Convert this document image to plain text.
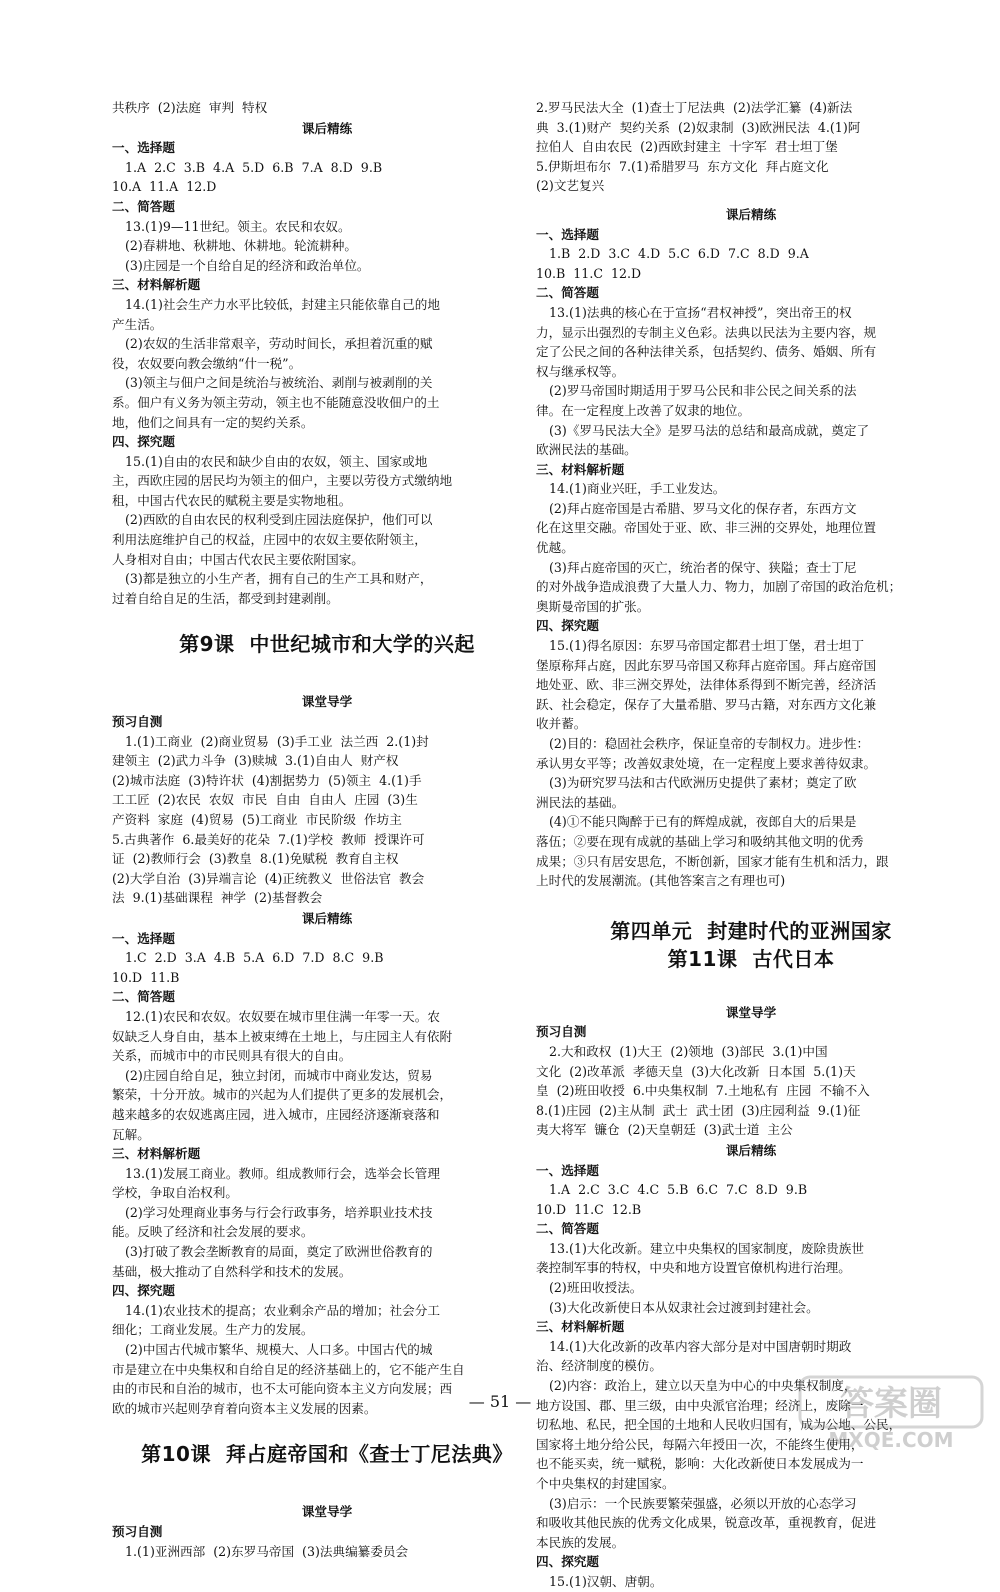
共秩序  (2)法庭  审判  特权
课后精练
一、选择题
1.A  2.C  3.B  4.A  5.D  6.B  7.A  8.D  9.B
10.A  11.A  12.D
二、简答题
13.(1)9—11世纪。领主。农民和农奴。
(2)春耕地、秋耕地、休耕地。轮流耕种。
(3)庄园是一个自给自足的经济和政治单位。
三、材料解析题
14.(1)社会生产力水平比较低，封建主只能依靠自己的地
产生活。
(2)农奴的生活非常艰辛，劳动时间长，承担着沉重的赋
役，农奴要向教会缴纳“什一税”。
(3)领主与佃户之间是统治与被统治、剥削与被剥削的关
系。佃户有义务为领主劳动，领主也不能随意没收佃户的土
地，他们之间具有一定的契约关系。
四、探究题
15.(1)自由的农民和缺少自由的农奴，领主、国家或地
主，西欧庄园的居民均为领主的佃户，主要以劳役方式缴纳地
租，中国古代农民的赋税主要是实物地租。
(2)西欧的自由农民的权利受到庄园法庭保护，他们可以
利用法庭维护自己的权益，庄园中的农奴主要依附领主，
人身相对自由；中国古代农民主要依附国家。
(3)都是独立的小生产者，拥有自己的生产工具和财产，
过着自给自足的生活，都受到封建剥削。
第9课  中世纪城市和大学的兴起
课堂导学
预习自测
1.(1)工商业  (2)商业贸易  (3)手工业  法兰西  2.(1)封
建领主  (2)武力斗争  (3)赎城  3.(1)自由人  财产权
(2)城市法庭  (3)特许状  (4)割据势力  (5)领主  4.(1)手
工工匠  (2)农民  农奴  市民  自由  自由人  庄园  (3)生
产资料  家庭  (4)贸易  (5)工商业  市民阶级  作坊主
5.古典著作  6.最美好的花朵  7.(1)学校  教师  授课许可
证  (2)教师行会  (3)教皇  8.(1)免赋税  教育自主权
(2)大学自治  (3)异端言论  (4)正统教义  世俗法官  教会
法  9.(1)基础课程  神学  (2)基督教会
课后精练
一、选择题
1.C  2.D  3.A  4.B  5.A  6.D  7.D  8.C  9.B
10.D  11.B
二、简答题
12.(1)农民和农奴。农奴要在城市里住满一年零一天。农
奴缺乏人身自由，基本上被束缚在土地上，与庄园主人有依附
关系，而城市中的市民则具有很大的自由。
(2)庄园自给自足，独立封闭，而城市中商业发达，贸易
繁荣，十分开放。城市的兴起为人们提供了更多的发展机会，
越来越多的农奴逃离庄园，进入城市，庄园经济逐渐衰落和
瓦解。
三、材料解析题
13.(1)发展工商业。教师。组成教师行会，选举会长管理
学校，争取自治权利。
(2)学习处理商业事务与行会行政事务，培养职业技术技
能。反映了经济和社会发展的要求。
(3)打破了教会垄断教育的局面，奠定了欧洲世俗教育的
基础，极大推动了自然科学和技术的发展。
四、探究题
14.(1)农业技术的提高；农业剩余产品的增加；社会分工
细化；工商业发展。生产力的发展。
(2)中国古代城市繁华、规模大、人口多。中国古代的城
市是建立在中央集权和自给自足的经济基础上的，它不能产生自
由的市民和自治的城市，也不太可能向资本主义方向发展；西
欧的城市兴起则孕育着向资本主义发展的因素。
第10课  拜占庭帝国和《查士丁尼法典》
课堂导学
预习自测
1.(1)亚洲西部  (2)东罗马帝国  (3)法典编纂委员会
2.罗马民法大全  (1)查士丁尼法典  (2)法学汇纂  (4)新法
典  3.(1)财产  契约关系  (2)奴隶制  (3)欧洲民法  4.(1)阿
拉伯人  自由农民  (2)西欧封建主  十字军  君士坦丁堡
5.伊斯坦布尔  7.(1)希腊罗马  东方文化  拜占庭文化
(2)文艺复兴
课后精练
一、选择题
1.B  2.D  3.C  4.D  5.C  6.D  7.C  8.D  9.A
10.B  11.C  12.D
二、简答题
13.(1)法典的核心在于宣扬“君权神授”，突出帝王的权
力，显示出强烈的专制主义色彩。法典以民法为主要内容，规
定了公民之间的各种法律关系，包括契约、债务、婚姻、所有
权与继承权等。
(2)罗马帝国时期适用于罗马公民和非公民之间关系的法
律。在一定程度上改善了奴隶的地位。
(3)《罗马民法大全》是罗马法的总结和最高成就，奠定了
欧洲民法的基础。
三、材料解析题
14.(1)商业兴旺，手工业发达。
(2)拜占庭帝国是古希腊、罗马文化的保存者，东西方文
化在这里交融。帝国处于亚、欧、非三洲的交界处，地理位置
优越。
(3)拜占庭帝国的灭亡，统治者的保守、狭隘；查士丁尼
的对外战争造成浪费了大量人力、物力，加剧了帝国的政治危机；
奥斯曼帝国的扩张。
四、探究题
15.(1)得名原因：东罗马帝国定都君士坦丁堡，君士坦丁
堡原称拜占庭，因此东罗马帝国又称拜占庭帝国。拜占庭帝国
地处亚、欧、非三洲交界处，法律体系得到不断完善，经济活
跃、社会稳定，保存了大量希腊、罗马古籍，对东西方文化兼
收并蓄。
(2)目的：稳固社会秩序，保证皇帝的专制权力。进步性：
承认男女平等；改善奴隶处境，在一定程度上要求善待奴隶。
(3)为研究罗马法和古代欧洲历史提供了素材；奠定了欧
洲民法的基础。
(4)①不能只陶醉于已有的辉煌成就，夜郎自大的后果是
落伍；②要在现有成就的基础上学习和吸纳其他文明的优秀
成果；③只有居安思危，不断创新，国家才能有生机和活力，跟
上时代的发展潮流。(其他答案言之有理也可)
第四单元  封建时代的亚洲国家
第11课  古代日本
课堂导学
预习自测
2.大和政权  (1)大王  (2)领地  (3)部民  3.(1)中国
文化  (2)改革派  孝德天皇  (3)大化改新  日本国  5.(1)天
皇  (2)班田收授  6.中央集权制  7.土地私有  庄园  不输不入
8.(1)庄园  (2)主从制  武士  武士团  (3)庄园利益  9.(1)征
夷大将军  镰仓  (2)天皇朝廷  (3)武士道  主公
课后精练
一、选择题
1.A  2.C  3.C  4.C  5.B  6.C  7.C  8.D  9.B
10.D  11.C  12.B
二、简答题
13.(1)大化改新。建立中央集权的国家制度，废除贵族世
袭控制军事的特权，中央和地方设置官僚机构进行治理。
(2)班田收授法。
(3)大化改新使日本从奴隶社会过渡到封建社会。
三、材料解析题
14.(1)大化改新的改革内容大部分是对中国唐朝时期政
治、经济制度的模仿。
(2)内容：政治上，建立以天皇为中心的中央集权制度，
地方设国、郡、里三级，由中央派官治理；经济上，废除一
切私地、私民，把全国的土地和人民收归国有，成为公地、公民，
国家将土地分给公民，每隔六年授田一次，不能终生使用，
也不能买卖，统一赋税，影响：大化改新使日本发展成为一
个中央集权的封建国家。
(3)启示：一个民族要繁荣强盛，必须以开放的心态学习
和吸收其他民族的优秀文化成果，锐意改革，重视教育，促进
本民族的发展。
四、探究题
15.(1)汉朝、唐朝。
— 51 —	答案圈
MXQE.COM
